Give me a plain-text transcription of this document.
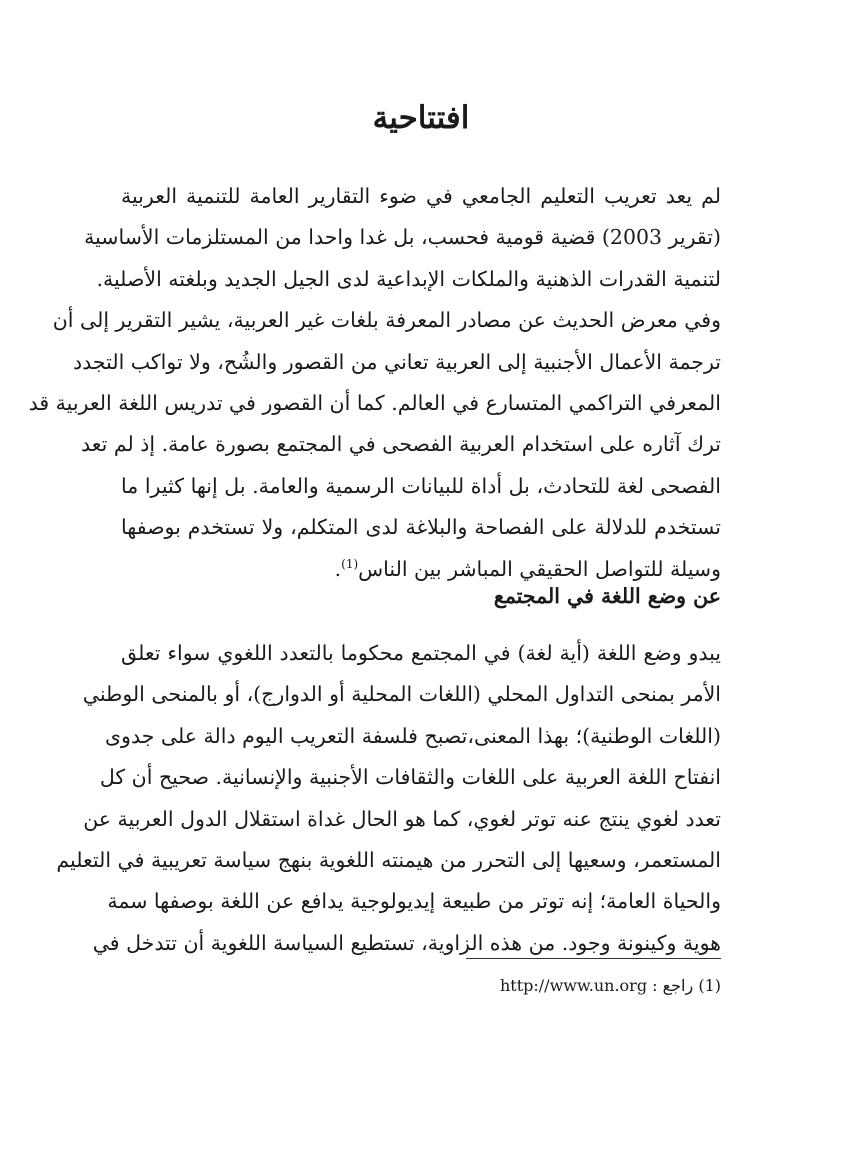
افتتاحية
لم يعد تعريب التعليم الجامعي في ضوء التقارير العامة للتنمية العربية
(تقرير 2003) قضية قومية فحسب، بل غدا واحدا من المستلزمات الأساسية
لتنمية القدرات الذهنية والملكات الإبداعية لدى الجيل الجديد وبلغته الأصلية.
وفي معرض الحديث عن مصادر المعرفة بلغات غير العربية، يشير التقرير إلى أن
ترجمة الأعمال الأجنبية إلى العربية تعاني من القصور والشُح، ولا تواكب التجدد
المعرفي التراكمي المتسارع في العالم. كما أن القصور في تدريس اللغة العربية قد
ترك آثاره على استخدام العربية الفصحى في المجتمع بصورة عامة. إذ لم تعد
الفصحى لغة للتحادث، بل أداة للبيانات الرسمية والعامة. بل إنها كثيرا ما
تستخدم للدلالة على الفصاحة والبلاغة لدى المتكلم، ولا تستخدم بوصفها
وسيلة للتواصل الحقيقي المباشر بين الناس$^{(1)}$.
عن وضع اللغة في المجتمع
يبدو وضع اللغة (أية لغة) في المجتمع محكوما بالتعدد اللغوي سواء تعلق
الأمر بمنحى التداول المحلي (اللغات المحلية أو الدوارج)، أو بالمنحى الوطني
(اللغات الوطنية)؛ بهذا المعنى،تصبح فلسفة التعريب اليوم دالة على جدوى
انفتاح اللغة العربية على اللغات والثقافات الأجنبية والإنسانية. صحيح أن كل
تعدد لغوي ينتج عنه توتر لغوي، كما هو الحال غداة استقلال الدول العربية عن
المستعمر، وسعيها إلى التحرر من هيمنته اللغوية بنهج سياسة تعريبية في التعليم
والحياة العامة؛ إنه توتر من طبيعة إيديولوجية يدافع عن اللغة بوصفها سمة
هوية وكينونة وجود. من هذه الزاوية، تستطيع السياسة اللغوية أن تتدخل في

(1) راجع : http://www.un.org
